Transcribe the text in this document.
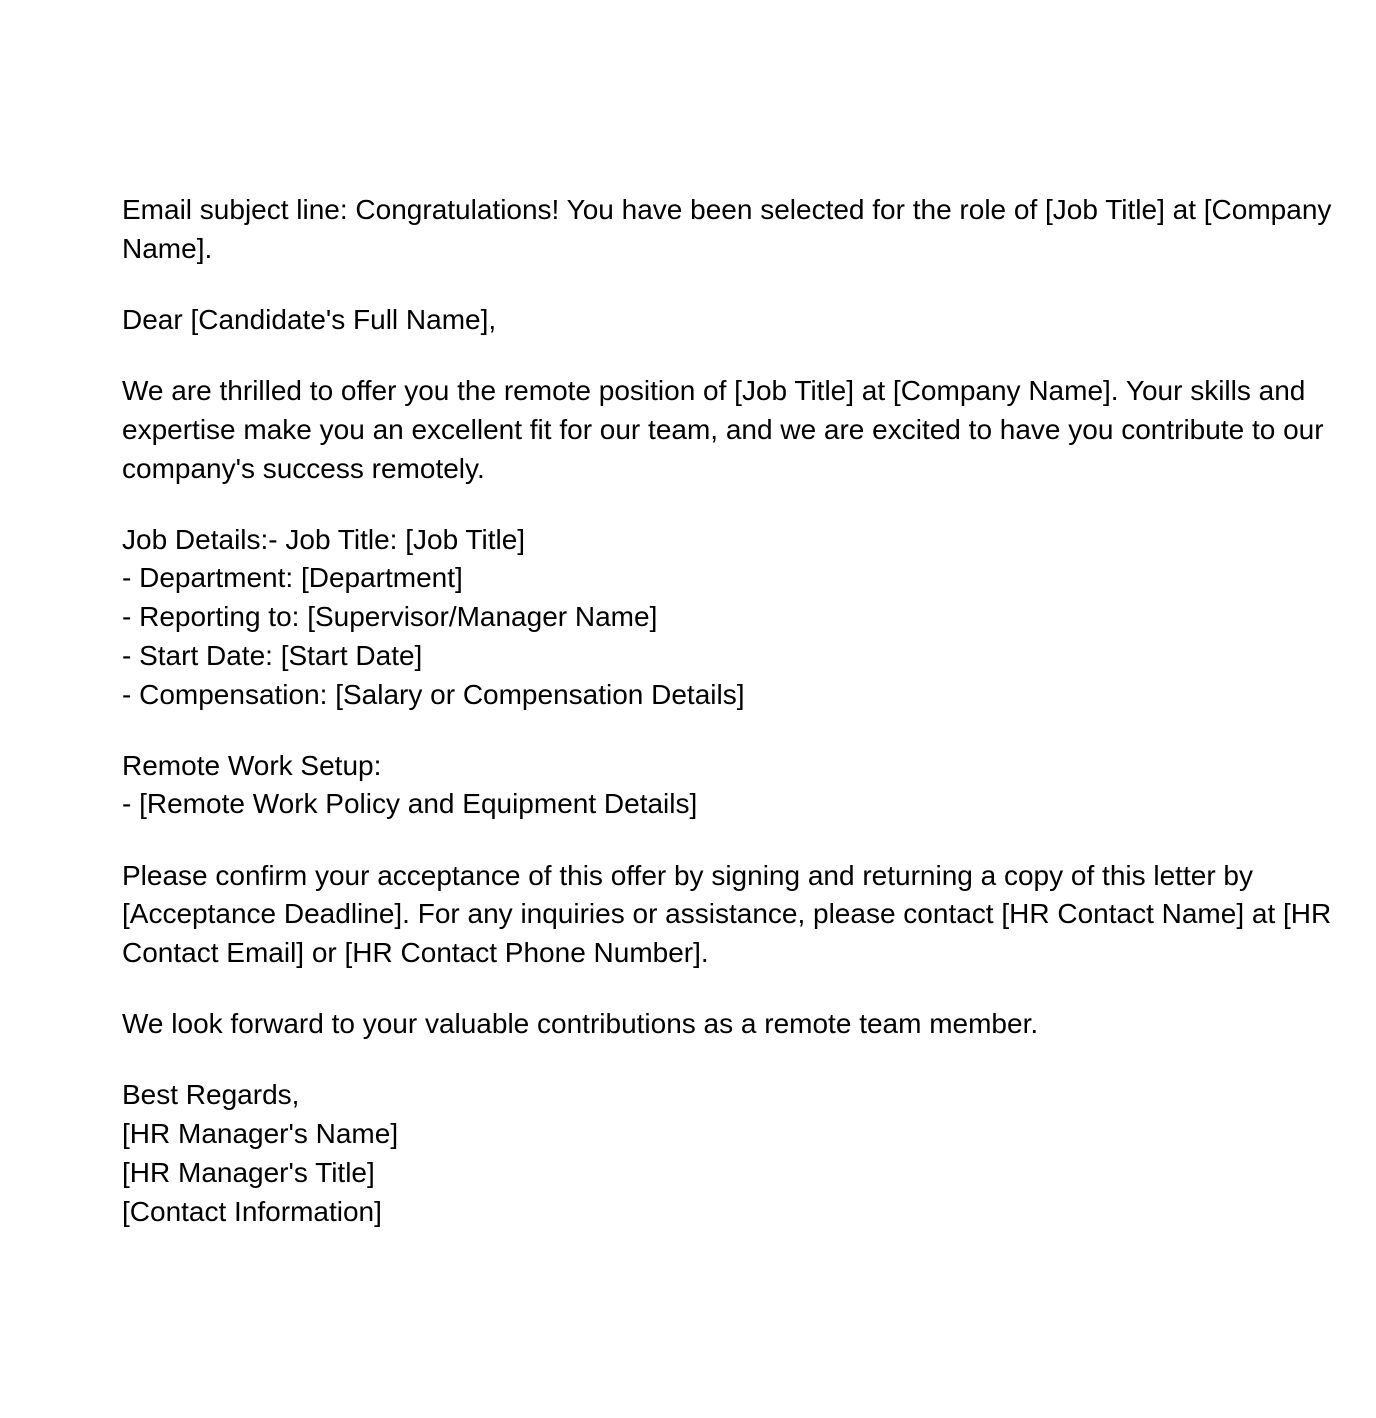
Email subject line: Congratulations! You have been selected for the role of [Job Title] at [Company Name].

Dear [Candidate's Full Name],

We are thrilled to offer you the remote position of [Job Title] at [Company Name]. Your skills and expertise make you an excellent fit for our team, and we are excited to have you contribute to our company's success remotely.

Job Details:- Job Title: [Job Title]
- Department: [Department]
- Reporting to: [Supervisor/Manager Name]
- Start Date: [Start Date]
- Compensation: [Salary or Compensation Details]

Remote Work Setup:
- [Remote Work Policy and Equipment Details]

Please confirm your acceptance of this offer by signing and returning a copy of this letter by [Acceptance Deadline]. For any inquiries or assistance, please contact [HR Contact Name] at [HR Contact Email] or [HR Contact Phone Number].

We look forward to your valuable contributions as a remote team member.

Best Regards,
[HR Manager's Name]
[HR Manager's Title]
[Contact Information]
